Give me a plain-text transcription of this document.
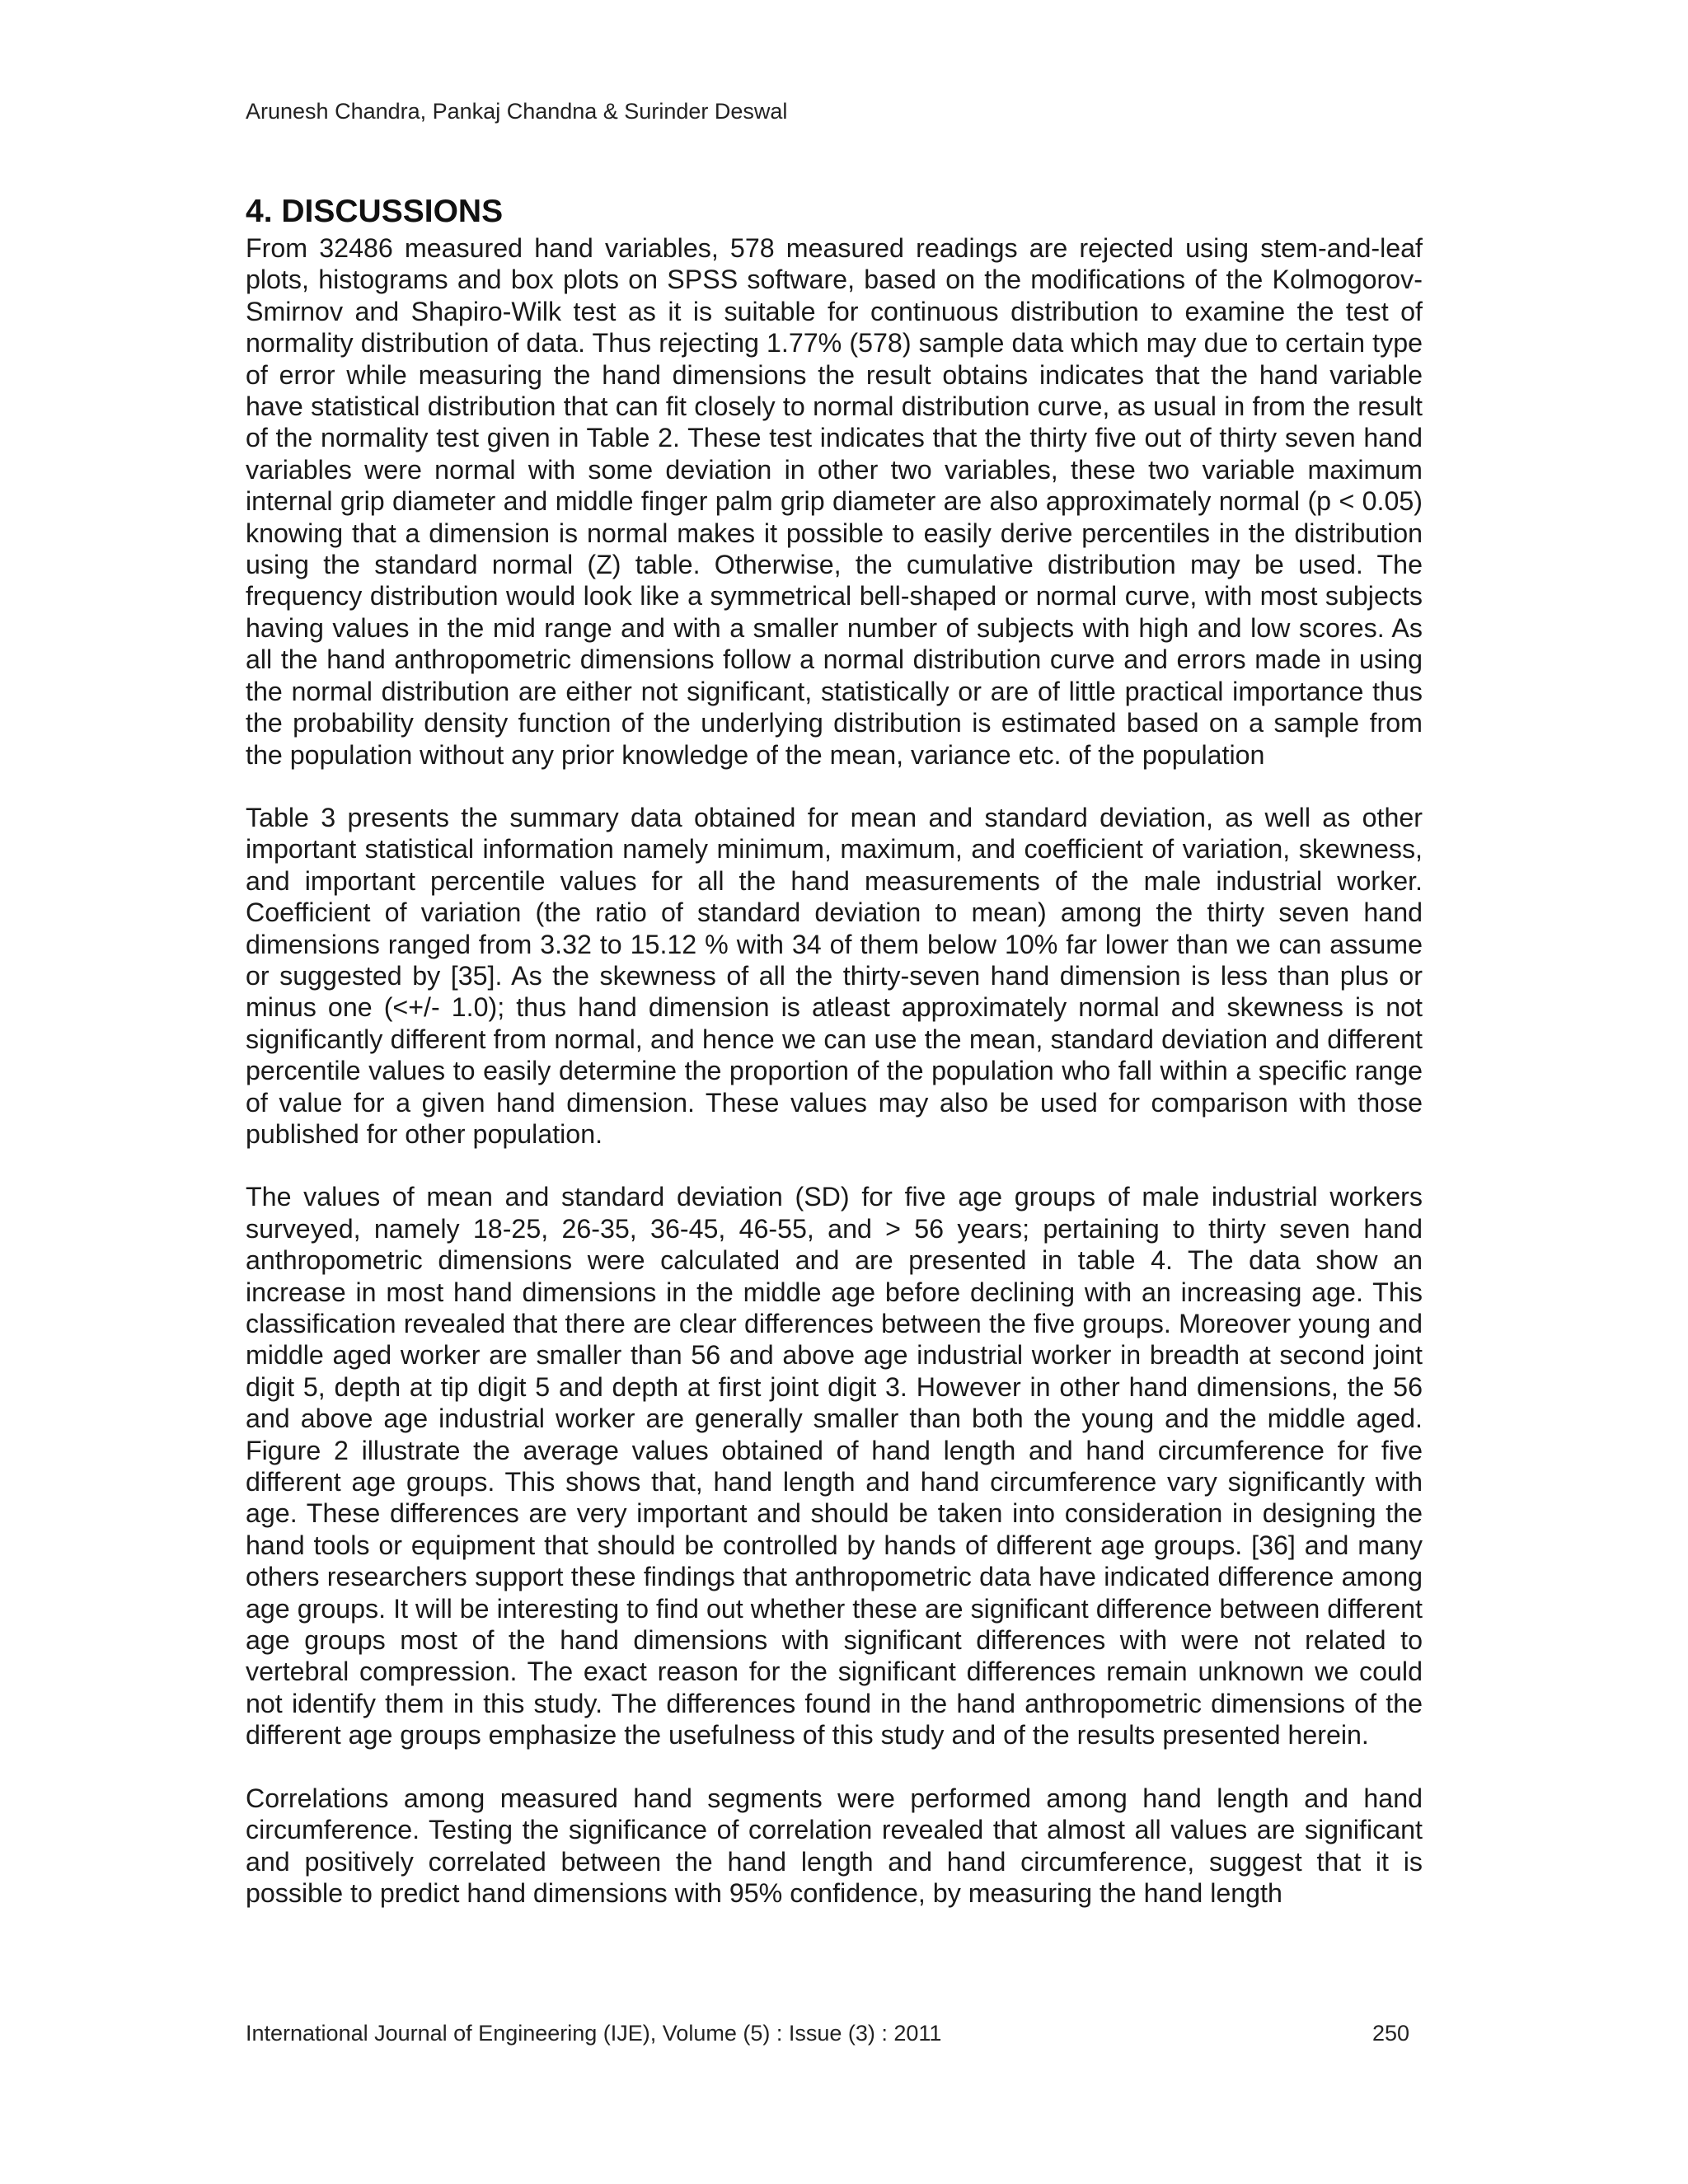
Arunesh Chandra, Pankaj Chandna & Surinder Deswal
4. DISCUSSIONS

From 32486 measured hand variables, 578 measured readings are rejected using stem-and-leaf plots, histograms and box plots on SPSS software, based on the modifications of the Kolmogorov-Smirnov and Shapiro-Wilk test as it is suitable for continuous distribution to examine the test of normality distribution of data. Thus rejecting 1.77% (578) sample data which may due to certain type of error while measuring the hand dimensions the result obtains indicates that the hand variable have statistical distribution that can fit closely to normal distribution curve, as usual in from the result of the normality test given in Table 2. These test indicates that the thirty five out of thirty seven hand variables were normal with some deviation in other two variables, these two variable maximum internal grip diameter and middle finger palm grip diameter are also approximately normal (p < 0.05) knowing that a dimension is normal makes it possible to easily derive percentiles in the distribution using the standard normal (Z) table. Otherwise, the cumulative distribution may be used. The frequency distribution would look like a symmetrical bell-shaped or normal curve, with most subjects having values in the mid range and with a smaller number of subjects with high and low scores. As all the hand anthropometric dimensions follow a normal distribution curve and errors made in using the normal distribution are either not significant, statistically or are of little practical importance thus the probability density function of the underlying distribution is estimated based on a sample from the population without any prior knowledge of the mean, variance etc. of the population

Table 3 presents the summary data obtained for mean and standard deviation, as well as other important statistical information namely minimum, maximum, and coefficient of variation, skewness, and important percentile values for all the hand measurements of the male industrial worker. Coefficient of variation (the ratio of standard deviation to mean) among the thirty seven hand dimensions ranged from 3.32 to 15.12 % with 34 of them below 10% far lower than we can assume or suggested by [35]. As the skewness of all the thirty-seven hand dimension is less than plus or minus one (<+/- 1.0); thus hand dimension is atleast approximately normal and skewness is not significantly different from normal, and hence we can use the mean, standard deviation and different percentile values to easily determine the proportion of the population who fall within a specific range of value for a given hand dimension. These values may also be used for comparison with those published for other population.

The values of mean and standard deviation (SD) for five age groups of male industrial workers surveyed, namely 18-25, 26-35, 36-45, 46-55, and > 56 years; pertaining to thirty seven hand anthropometric dimensions were calculated and are presented in table 4. The data show an increase in most hand dimensions in the middle age before declining with an increasing age. This classification revealed that there are clear differences between the five groups. Moreover young and middle aged worker are smaller than 56 and above age industrial worker in breadth at second joint digit 5, depth at tip digit 5 and depth at first joint digit 3. However in other hand dimensions, the 56 and above age industrial worker are generally smaller than both the young and the middle aged. Figure 2 illustrate the average values obtained of hand length and hand circumference for five different age groups. This shows that, hand length and hand circumference vary significantly with age. These differences are very important and should be taken into consideration in designing the hand tools or equipment that should be controlled by hands of different age groups. [36] and many others researchers support these findings that anthropometric data have indicated difference among age groups. It will be interesting to find out whether these are significant difference between different age groups most of the hand dimensions with significant differences with were not related to vertebral compression. The exact reason for the significant differences remain unknown we could not identify them in this study. The differences found in the hand anthropometric dimensions of the different age groups emphasize the usefulness of this study and of the results presented herein.

Correlations among measured hand segments were performed among hand length and hand circumference. Testing the significance of correlation revealed that almost all values are significant and positively correlated between the hand length and hand circumference, suggest that it is possible to predict hand dimensions with 95% confidence, by measuring the hand length

International Journal of Engineering (IJE), Volume (5) : Issue (3) : 2011	250
